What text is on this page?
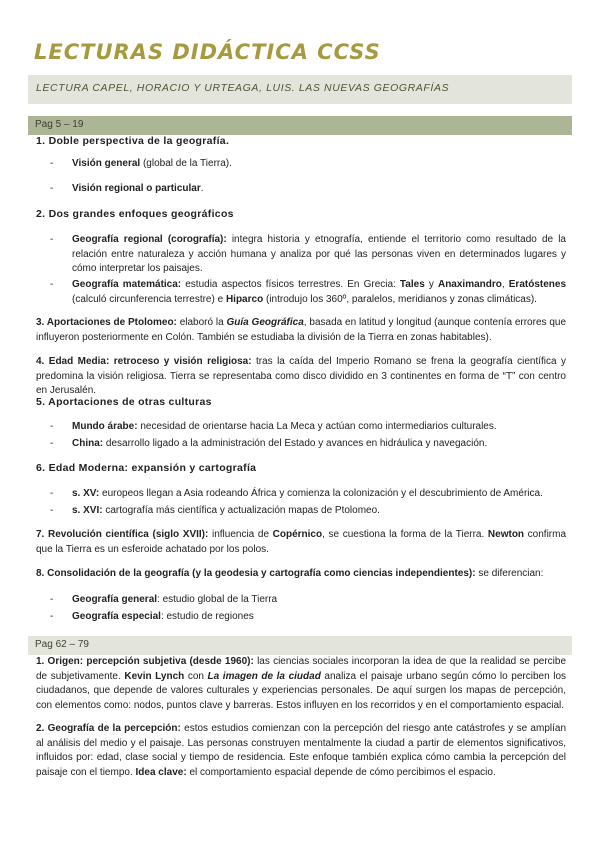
LECTURAS DIDÁCTICA CCSS
LECTURA CAPEL, HORACIO Y URTEAGA, LUIS. LAS NUEVAS GEOGRAFÍAS
Pag 5 – 19
1. Doble perspectiva de la geografía.
- Visión general (global de la Tierra).
- Visión regional o particular.
2. Dos grandes enfoques geográficos
- Geografía regional (corografía): integra historia y etnografía, entiende el territorio como resultado de la relación entre naturaleza y acción humana y analiza por qué las personas viven en determinados lugares y cómo interpretar los paisajes.
- Geografía matemática: estudia aspectos físicos terrestres. En Grecia: Tales y Anaximandro, Eratóstenes (calculó circunferencia terrestre) e Hiparco (introdujo los 360º, paralelos, meridianos y zonas climáticas).
3. Aportaciones de Ptolomeo: elaboró la Guía Geográfica, basada en latitud y longitud (aunque contenía errores que influyeron posteriormente en Colón. También se estudiaba la división de la Tierra en zonas habitables).
4. Edad Media: retroceso y visión religiosa: tras la caída del Imperio Romano se frena la geografía científica y predomina la visión religiosa. Tierra se representaba como disco dividido en 3 continentes en forma de “T” con centro en Jerusalén.
5. Aportaciones de otras culturas
- Mundo árabe: necesidad de orientarse hacia La Meca y actúan como intermediarios culturales.
- China: desarrollo ligado a la administración del Estado y avances en hidráulica y navegación.
6. Edad Moderna: expansión y cartografía
- s. XV: europeos llegan a Asia rodeando África y comienza la colonización y el descubrimiento de América.
- s. XVI: cartografía más científica y actualización mapas de Ptolomeo.
7. Revolución científica (siglo XVII): influencia de Copérnico, se cuestiona la forma de la Tierra. Newton confirma que la Tierra es un esferoide achatado por los polos.
8. Consolidación de la geografía (y la geodesia y cartografía como ciencias independientes): se diferencian:
- Geografía general: estudio global de la Tierra
- Geografía especial: estudio de regiones
Pag 62 – 79
1. Origen: percepción subjetiva (desde 1960): las ciencias sociales incorporan la idea de que la realidad se percibe de subjetivamente. Kevin Lynch con La imagen de la ciudad analiza el paisaje urbano según cómo lo perciben los ciudadanos, que depende de valores culturales y experiencias personales. De aquí surgen los mapas de percepción, con elementos como: nodos, puntos clave y barreras. Estos influyen en los recorridos y en el comportamiento espacial.
2. Geografía de la percepción: estos estudios comienzan con la percepción del riesgo ante catástrofes y se amplían al análisis del medio y el paisaje. Las personas construyen mentalmente la ciudad a partir de elementos significativos, influidos por: edad, clase social y tiempo de residencia. Este enfoque también explica cómo cambia la percepción del paisaje con el tiempo. Idea clave: el comportamiento espacial depende de cómo percibimos el espacio.
